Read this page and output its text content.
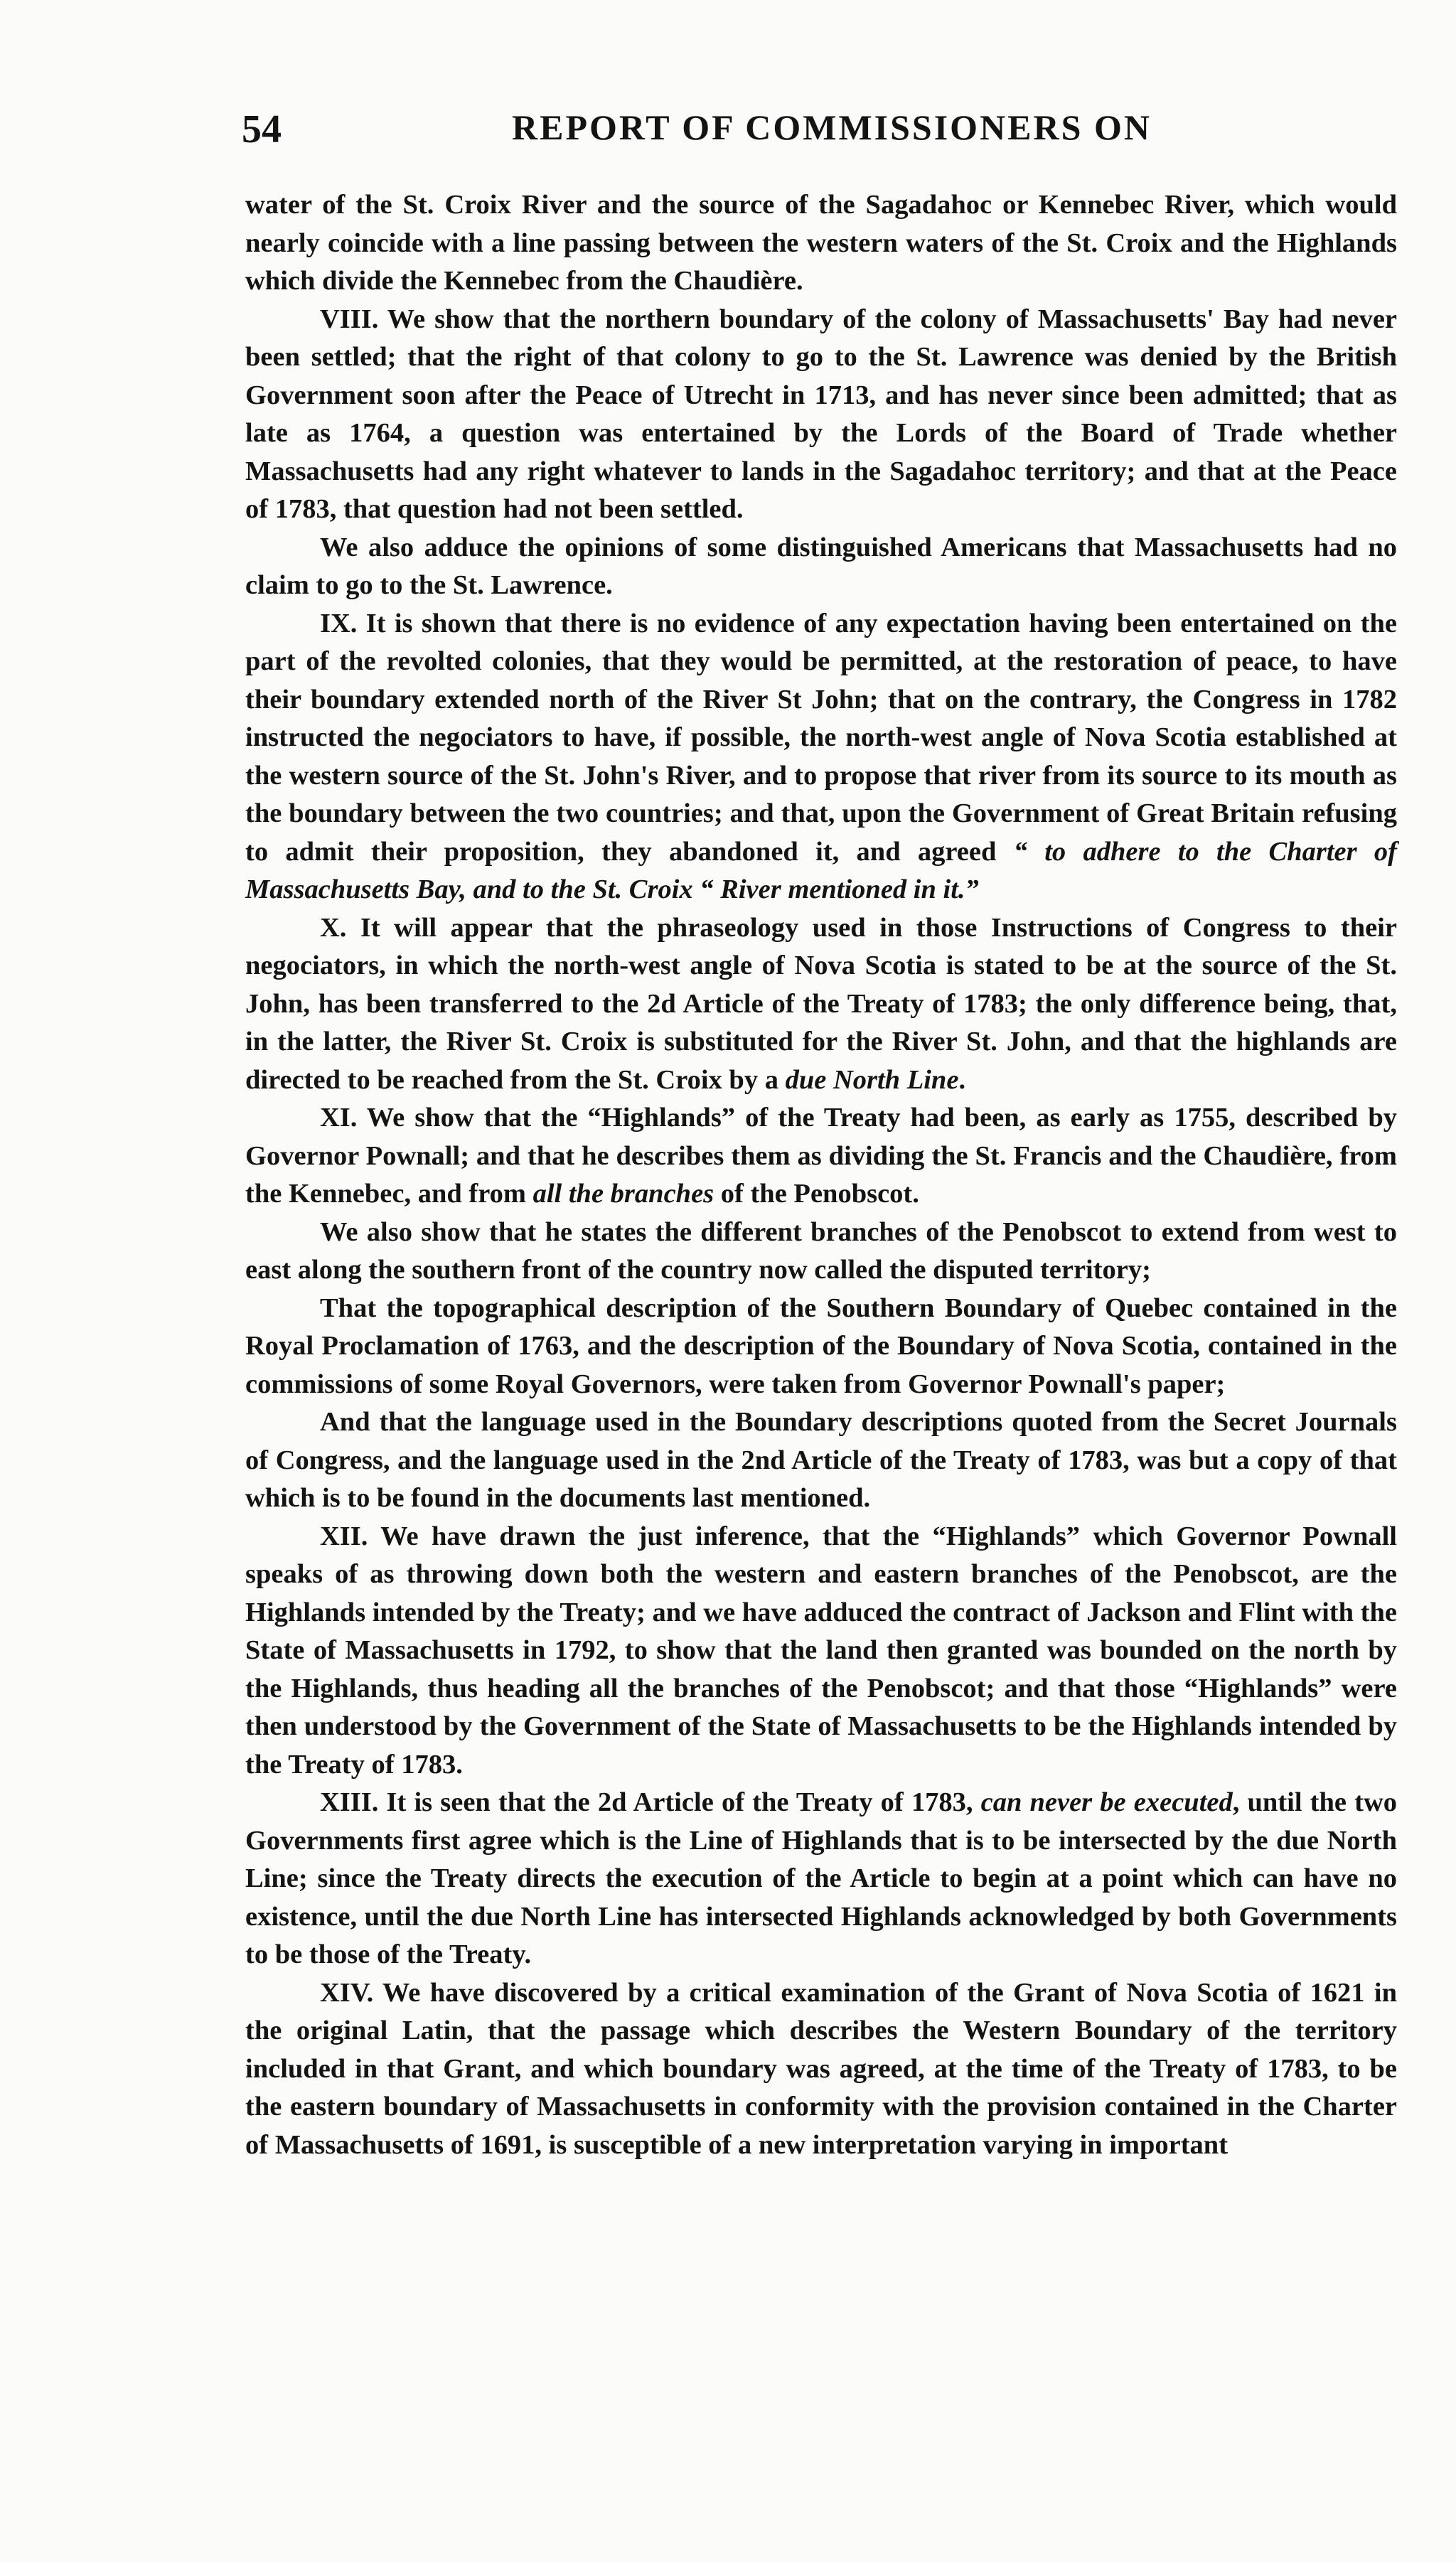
54	REPORT OF COMMISSIONERS ON

water of the St. Croix River and the source of the Sagadahoc or Kennebec River, which would nearly coincide with a line passing between the western waters of the St. Croix and the Highlands which divide the Kennebec from the Chaudière.

VIII. We show that the northern boundary of the colony of Massachusetts' Bay had never been settled; that the right of that colony to go to the St. Lawrence was denied by the British Government soon after the Peace of Utrecht in 1713, and has never since been admitted; that as late as 1764, a question was entertained by the Lords of the Board of Trade whether Massachusetts had any right whatever to lands in the Sagadahoc territory; and that at the Peace of 1783, that question had not been settled.

We also adduce the opinions of some distinguished Americans that Massachusetts had no claim to go to the St. Lawrence.

IX. It is shown that there is no evidence of any expectation having been entertained on the part of the revolted colonies, that they would be permitted, at the restoration of peace, to have their boundary extended north of the River St John; that on the contrary, the Congress in 1782 instructed the negociators to have, if possible, the north-west angle of Nova Scotia established at the western source of the St. John's River, and to propose that river from its source to its mouth as the boundary between the two countries; and that, upon the Government of Great Britain refusing to admit their proposition, they abandoned it, and agreed “ to adhere to the Charter of Massachusetts Bay, and to the St. Croix “ River mentioned in it.”

X. It will appear that the phraseology used in those Instructions of Congress to their negociators, in which the north-west angle of Nova Scotia is stated to be at the source of the St. John, has been transferred to the 2d Article of the Treaty of 1783; the only difference being, that, in the latter, the River St. Croix is substituted for the River St. John, and that the highlands are directed to be reached from the St. Croix by a due North Line.

XI. We show that the “Highlands” of the Treaty had been, as early as 1755, described by Governor Pownall; and that he describes them as dividing the St. Francis and the Chaudière, from the Kennebec, and from all the branches of the Penobscot.

We also show that he states the different branches of the Penobscot to extend from west to east along the southern front of the country now called the disputed territory;

That the topographical description of the Southern Boundary of Quebec contained in the Royal Proclamation of 1763, and the description of the Boundary of Nova Scotia, contained in the commissions of some Royal Governors, were taken from Governor Pownall's paper;

And that the language used in the Boundary descriptions quoted from the Secret Journals of Congress, and the language used in the 2nd Article of the Treaty of 1783, was but a copy of that which is to be found in the documents last mentioned.

XII. We have drawn the just inference, that the “Highlands” which Governor Pownall speaks of as throwing down both the western and eastern branches of the Penobscot, are the Highlands intended by the Treaty; and we have adduced the contract of Jackson and Flint with the State of Massachusetts in 1792, to show that the land then granted was bounded on the north by the Highlands, thus heading all the branches of the Penobscot; and that those “Highlands” were then understood by the Government of the State of Massachusetts to be the Highlands intended by the Treaty of 1783.

XIII. It is seen that the 2d Article of the Treaty of 1783, can never be executed, until the two Governments first agree which is the Line of Highlands that is to be intersected by the due North Line; since the Treaty directs the execution of the Article to begin at a point which can have no existence, until the due North Line has intersected Highlands acknowledged by both Governments to be those of the Treaty.

XIV. We have discovered by a critical examination of the Grant of Nova Scotia of 1621 in the original Latin, that the passage which describes the Western Boundary of the territory included in that Grant, and which boundary was agreed, at the time of the Treaty of 1783, to be the eastern boundary of Massachusetts in conformity with the provision contained in the Charter of Massachusetts of 1691, is susceptible of a new interpretation varying in important
